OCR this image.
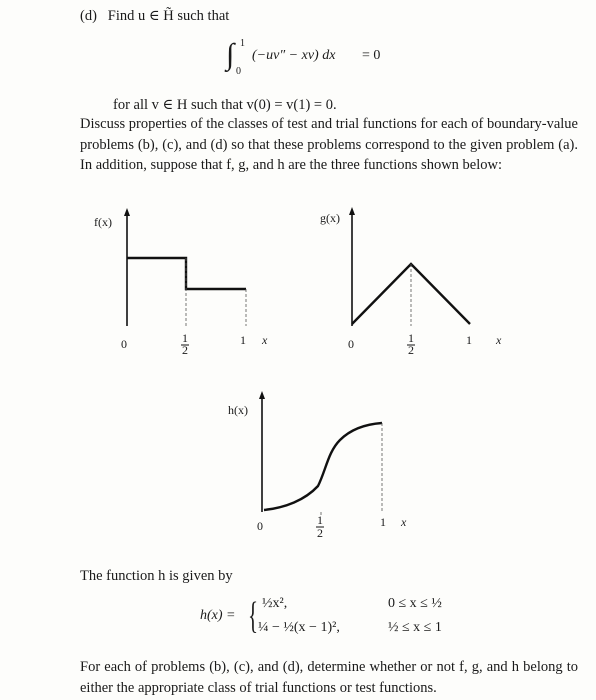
(d) Find u ∈ H̃ such that
∫ 1
0
(−uv″ − xv) dx = 0
for all v ∈ H such that v(0) = v(1) = 0.
Discuss properties of the classes of test and trial functions for each of boundary-value problems (b), (c), and (d) so that these problems correspond to the given problem (a). In addition, suppose that f, g, and h are the three functions shown below:
f(x)
0	1
2
1 x
g(x)
0	1
2
1 x
h(x)
0	1
2
1 x
The function h is given by
h(x) = { ½x²,	0 ≤ x ≤ ½
¼ − ½(x − 1)²,	½ ≤ x ≤ 1
For each of problems (b), (c), and (d), determine whether or not f, g, and h belong to either the appropriate class of trial functions or test functions.
